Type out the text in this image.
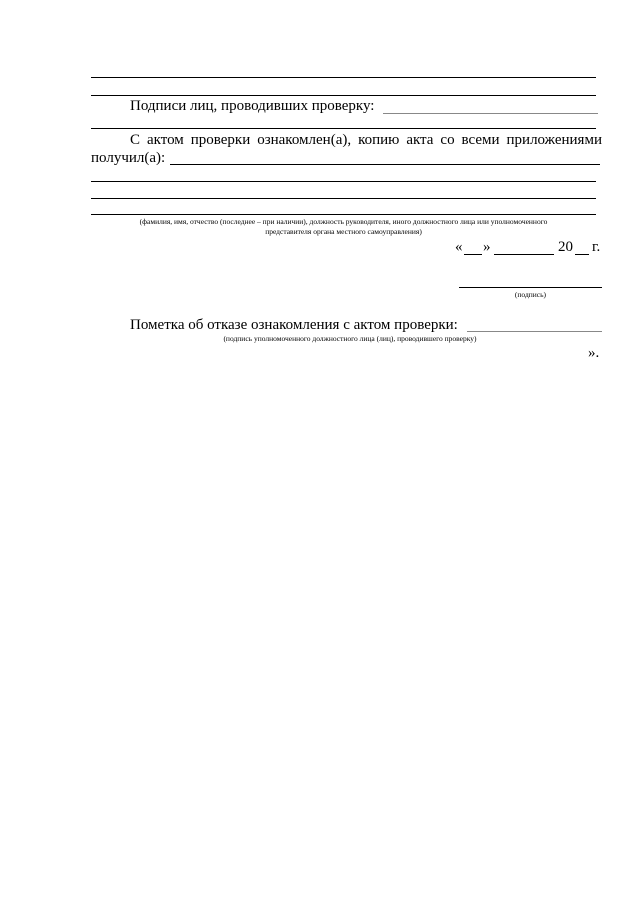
Подписи лиц, проводивших проверку:
С актом проверки ознакомлен(а), копию акта со всеми приложениями
получил(а):
(фамилия, имя, отчество (последнее – при наличии), должность руководителя, иного должностного лица или уполномоченного
представителя органа местного самоуправления)
« »	20 г.
(подпись)
Пометка об отказе ознакомления с актом проверки:
(подпись уполномоченного должностного лица (лиц), проводившего проверку)
».
